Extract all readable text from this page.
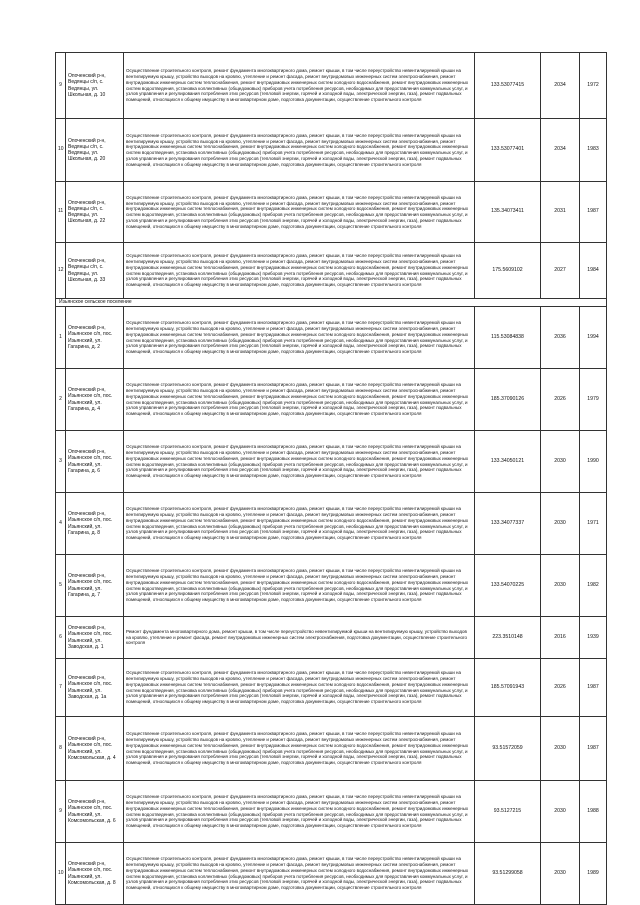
9	Опоченский р-н, Ведянцы с/п, с. Ведянцы, ул. Школьная, д. 10	Осуществление строительного контроля, ремонт фундамента многоквартирного дома, ремонт крыши, в том числе переустройство невентилируемой крыши на вентилируемую крышу, устройство выходов на кровлю, утепление и ремонт фасада, ремонт внутридомовых инженерных систем электроснабжения, ремонт внутридомовых инженерных систем теплоснабжения, ремонт внутридомовых инженерных систем холодного водоснабжения, ремонт внутридомовых инженерных систем водоотведения, установка коллективных (общедомовых) приборов учета потребления ресурсов, необходимых для предоставления коммунальных услуг, и узлов управления и регулирования потребления этих ресурсов (тепловой энергии, горячей и холодной воды, электрической энергии, газа), ремонт подвальных помещений, относящихся к общему имуществу в многоквартирном доме, подготовка документации, осуществление строительного контроля	133.53077415	2034	1972
10	Опоченский р-н, Ведянцы с/п, с. Ведянцы, ул. Школьная, д. 20	Осуществление строительного контроля, ремонт фундамента многоквартирного дома, ремонт крыши, в том числе переустройство невентилируемой крыши на вентилируемую крышу, устройство выходов на кровлю, утепление и ремонт фасада, ремонт внутридомовых инженерных систем электроснабжения, ремонт внутридомовых инженерных систем теплоснабжения, ремонт внутридомовых инженерных систем холодного водоснабжения, ремонт внутридомовых инженерных систем водоотведения, установка коллективных (общедомовых) приборов учета потребления ресурсов, необходимых для предоставления коммунальных услуг, и узлов управления и регулирования потребления этих ресурсов (тепловой энергии, горячей и холодной воды, электрической энергии, газа), ремонт подвальных помещений, относящихся к общему имуществу в многоквартирном доме, подготовка документации, осуществление строительного контроля	133.53077401	2034	1983
11	Опоченский р-н, Ведянцы с/п, с. Ведянцы, ул. Школьная, д. 22	Осуществление строительного контроля, ремонт фундамента многоквартирного дома, ремонт крыши, в том числе переустройство невентилируемой крыши на вентилируемую крышу, устройство выходов на кровлю, утепление и ремонт фасада, ремонт внутридомовых инженерных систем электроснабжения, ремонт внутридомовых инженерных систем теплоснабжения, ремонт внутридомовых инженерных систем холодного водоснабжения, ремонт внутридомовых инженерных систем водоотведения, установка коллективных (общедомовых) приборов учета потребления ресурсов, необходимых для предоставления коммунальных услуг, и узлов управления и регулирования потребления этих ресурсов (тепловой энергии, горячей и холодной воды, электрической энергии, газа), ремонт подвальных помещений, относящихся к общему имуществу в многоквартирном доме, подготовка документации, осуществление строительного контроля	135.34073411	2031	1987
12	Опоченский р-н, Ведянцы с/п, с. Ведянцы, ул. Школьная, д. 33	Осуществление строительного контроля, ремонт фундамента многоквартирного дома, ремонт крыши, в том числе переустройство невентилируемой крыши на вентилируемую крышу, устройство выходов на кровлю, утепление и ремонт фасада, ремонт внутридомовых инженерных систем электроснабжения, ремонт внутридомовых инженерных систем теплоснабжения, ремонт внутридомовых инженерных систем холодного водоснабжения, ремонт внутридомовых инженерных систем водоотведения, установка коллективных (общедомовых) приборов учета потребления ресурсов, необходимых для предоставления коммунальных услуг, и узлов управления и регулирования потребления этих ресурсов (тепловой энергии, горячей и холодной воды, электрической энергии, газа), ремонт подвальных помещений, относящихся к общему имуществу в многоквартирном доме, подготовка документации, осуществление строительного контроля	175.5609102	2027	1984
Изьянское сельское поселение					
1	Опоченский р-н, Изьянское с/п, пос. Изьянский, ул. Гагарина, д. 2	Осуществление строительного контроля, ремонт фундамента многоквартирного дома, ремонт крыши, в том числе переустройство невентилируемой крыши на вентилируемую крышу, устройство выходов на кровлю, утепление и ремонт фасада, ремонт внутридомовых инженерных систем электроснабжения, ремонт внутридомовых инженерных систем теплоснабжения, ремонт внутридомовых инженерных систем холодного водоснабжения, ремонт внутридомовых инженерных систем водоотведения, установка коллективных (общедомовых) приборов учета потребления ресурсов, необходимых для предоставления коммунальных услуг, и узлов управления и регулирования потребления этих ресурсов (тепловой энергии, горячей и холодной воды, электрической энергии, газа), ремонт подвальных помещений, относящихся к общему имуществу в многоквартирном доме, подготовка документации, осуществление строительного контроля	115.53084838	2036	1994
2	Опоченский р-н, Изьянское с/п, пос. Изьянский, ул. Гагарина, д. 4	Осуществление строительного контроля, ремонт фундамента многоквартирного дома, ремонт крыши, в том числе переустройство невентилируемой крыши на вентилируемую крышу, устройство выходов на кровлю, утепление и ремонт фасада, ремонт внутридомовых инженерных систем электроснабжения, ремонт внутридомовых инженерных систем теплоснабжения, ремонт внутридомовых инженерных систем холодного водоснабжения, ремонт внутридомовых инженерных систем водоотведения, установка коллективных (общедомовых) приборов учета потребления ресурсов, необходимых для предоставления коммунальных услуг, и узлов управления и регулирования потребления этих ресурсов (тепловой энергии, горячей и холодной воды, электрической энергии, газа), ремонт подвальных помещений, относящихся к общему имуществу в многоквартирном доме, подготовка документации, осуществление строительного контроля	185.37090126	2026	1979
3	Опоченский р-н, Изьянское с/п, пос. Изьянский, ул. Гагарина, д. 6	Осуществление строительного контроля, ремонт фундамента многоквартирного дома, ремонт крыши, в том числе переустройство невентилируемой крыши на вентилируемую крышу, устройство выходов на кровлю, утепление и ремонт фасада, ремонт внутридомовых инженерных систем электроснабжения, ремонт внутридомовых инженерных систем теплоснабжения, ремонт внутридомовых инженерных систем холодного водоснабжения, ремонт внутридомовых инженерных систем водоотведения, установка коллективных (общедомовых) приборов учета потребления ресурсов, необходимых для предоставления коммунальных услуг, и узлов управления и регулирования потребления этих ресурсов (тепловой энергии, горячей и холодной воды, электрической энергии, газа), ремонт подвальных помещений, относящихся к общему имуществу в многоквартирном доме, подготовка документации, осуществление строительного контроля	133.34050121	2030	1990
4	Опоченский р-н, Изьянское с/п, пос. Изьянский, ул. Гагарина, д. 8	Осуществление строительного контроля, ремонт фундамента многоквартирного дома, ремонт крыши, в том числе переустройство невентилируемой крыши на вентилируемую крышу, устройство выходов на кровлю, утепление и ремонт фасада, ремонт внутридомовых инженерных систем электроснабжения, ремонт внутридомовых инженерных систем теплоснабжения, ремонт внутридомовых инженерных систем холодного водоснабжения, ремонт внутридомовых инженерных систем водоотведения, установка коллективных (общедомовых) приборов учета потребления ресурсов, необходимых для предоставления коммунальных услуг, и узлов управления и регулирования потребления этих ресурсов (тепловой энергии, горячей и холодной воды, электрической энергии, газа), ремонт подвальных помещений, относящихся к общему имуществу в многоквартирном доме, подготовка документации, осуществление строительного контроля	133.34077337	2030	1971
5	Опоченский р-н, Изьянское с/п, пос. Изьянский, ул. Гагарина, д. 7	Осуществление строительного контроля, ремонт фундамента многоквартирного дома, ремонт крыши, в том числе переустройство невентилируемой крыши на вентилируемую крышу, устройство выходов на кровлю, утепление и ремонт фасада, ремонт внутридомовых инженерных систем электроснабжения, ремонт внутридомовых инженерных систем теплоснабжения, ремонт внутридомовых инженерных систем холодного водоснабжения, ремонт внутридомовых инженерных систем водоотведения, установка коллективных (общедомовых) приборов учета потребления ресурсов, необходимых для предоставления коммунальных услуг, и узлов управления и регулирования потребления этих ресурсов (тепловой энергии, горячей и холодной воды, электрической энергии, газа), ремонт подвальных помещений, относящихся к общему имуществу в многоквартирном доме, подготовка документации, осуществление строительного контроля	133.54070225	2030	1982
6	Опоченский р-н, Изьянское с/п, пос. Изьянский, ул. Заводская, д. 1	Ремонт фундамента многоквартирного дома, ремонт крыши, в том числе переустройство невентилируемой крыши на вентилируемую крышу, устройство выходов на кровлю, утепление и ремонт фасада, ремонт внутридомовых инженерных систем электроснабжения, подготовка документации, осуществление строительного контроля	223.3510148	2016	1939
7	Опоченский р-н, Изьянское с/п, пос. Изьянский, ул. Заводская, д. 1а	Осуществление строительного контроля, ремонт фундамента многоквартирного дома, ремонт крыши, в том числе переустройство невентилируемой крыши на вентилируемую крышу, устройство выходов на кровлю, утепление и ремонт фасада, ремонт внутридомовых инженерных систем электроснабжения, ремонт внутридомовых инженерных систем теплоснабжения, ремонт внутридомовых инженерных систем холодного водоснабжения, ремонт внутридомовых инженерных систем водоотведения, установка коллективных (общедомовых) приборов учета потребления ресурсов, необходимых для предоставления коммунальных услуг, и узлов управления и регулирования потребления этих ресурсов (тепловой энергии, горячей и холодной воды, электрической энергии, газа), ремонт подвальных помещений, относящихся к общему имуществу в многоквартирном доме, подготовка документации, осуществление строительного контроля	185.57091943	2026	1987
8	Опоченский р-н, Изьянское с/п, пос. Изьянский, ул. Комсомольская, д. 4	Осуществление строительного контроля, ремонт фундамента многоквартирного дома, ремонт крыши, в том числе переустройство невентилируемой крыши на вентилируемую крышу, устройство выходов на кровлю, утепление и ремонт фасада, ремонт внутридомовых инженерных систем электроснабжения, ремонт внутридомовых инженерных систем теплоснабжения, ремонт внутридомовых инженерных систем холодного водоснабжения, ремонт внутридомовых инженерных систем водоотведения, установка коллективных (общедомовых) приборов учета потребления ресурсов, необходимых для предоставления коммунальных услуг, и узлов управления и регулирования потребления этих ресурсов (тепловой энергии, горячей и холодной воды, электрической энергии, газа), ремонт подвальных помещений, относящихся к общему имуществу в многоквартирном доме, подготовка документации, осуществление строительного контроля	93.51572059	2030	1987
9	Опоченский р-н, Изьянское с/п, пос. Изьянский, ул. Комсомольская, д. 6	Осуществление строительного контроля, ремонт фундамента многоквартирного дома, ремонт крыши, в том числе переустройство невентилируемой крыши на вентилируемую крышу, устройство выходов на кровлю, утепление и ремонт фасада, ремонт внутридомовых инженерных систем электроснабжения, ремонт внутридомовых инженерных систем теплоснабжения, ремонт внутридомовых инженерных систем холодного водоснабжения, ремонт внутридомовых инженерных систем водоотведения, установка коллективных (общедомовых) приборов учета потребления ресурсов, необходимых для предоставления коммунальных услуг, и узлов управления и регулирования потребления этих ресурсов (тепловой энергии, горячей и холодной воды, электрической энергии, газа), ремонт подвальных помещений, относящихся к общему имуществу в многоквартирном доме, подготовка документации, осуществление строительного контроля	93.5127215	2030	1988
10	Опоченский р-н, Изьянское с/п, пос. Изьянский, ул. Комсомольская, д. 8	Осуществление строительного контроля, ремонт фундамента многоквартирного дома, ремонт крыши, в том числе переустройство невентилируемой крыши на вентилируемую крышу, устройство выходов на кровлю, утепление и ремонт фасада, ремонт внутридомовых инженерных систем электроснабжения, ремонт внутридомовых инженерных систем теплоснабжения, ремонт внутридомовых инженерных систем холодного водоснабжения, ремонт внутридомовых инженерных систем водоотведения, установка коллективных (общедомовых) приборов учета потребления ресурсов, необходимых для предоставления коммунальных услуг, и узлов управления и регулирования потребления этих ресурсов (тепловой энергии, горячей и холодной воды, электрической энергии, газа), ремонт подвальных помещений, относящихся к общему имуществу в многоквартирном доме, подготовка документации, осуществление строительного контроля	93.51299058	2030	1989
